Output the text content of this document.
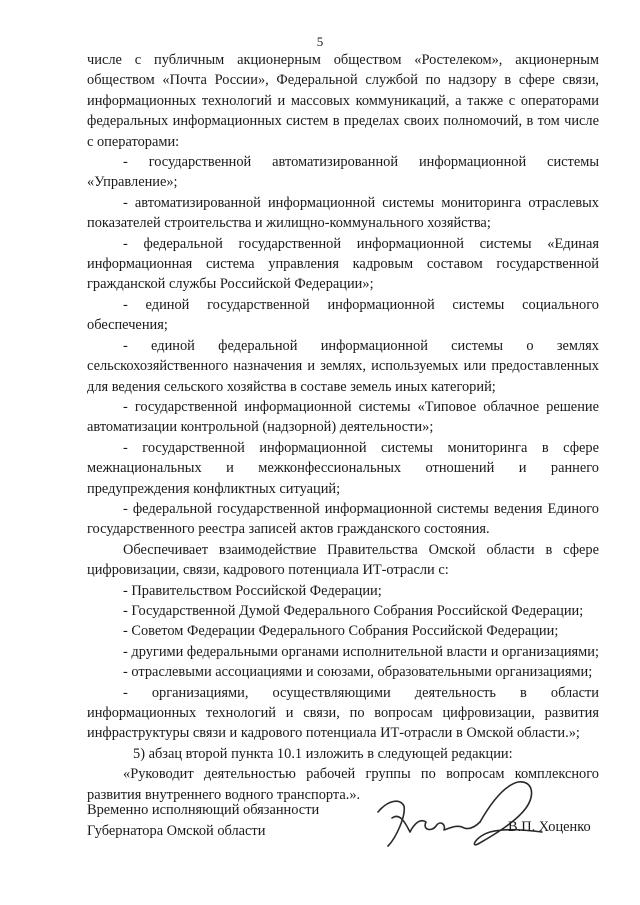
5

числе с публичным акционерным обществом «Ростелеком», акционерным обществом «Почта России», Федеральной службой по надзору в сфере связи, информационных технологий и массовых коммуникаций, а также с операторами федеральных информационных систем в пределах своих полномочий, в том числе с операторами:

- государственной автоматизированной информационной системы «Управление»;

- автоматизированной информационной системы мониторинга отраслевых показателей строительства и жилищно-коммунального хозяйства;

- федеральной государственной информационной системы «Единая информационная система управления кадровым составом государственной гражданской службы Российской Федерации»;

- единой государственной информационной системы социального обеспечения;

- единой федеральной информационной системы о землях сельскохозяйственного назначения и землях, используемых или предоставленных для ведения сельского хозяйства в составе земель иных категорий;

- государственной информационной системы «Типовое облачное решение автоматизации контрольной (надзорной) деятельности»;

- государственной информационной системы мониторинга в сфере межнациональных и межконфессиональных отношений и раннего предупреждения конфликтных ситуаций;

- федеральной государственной информационной системы ведения Единого государственного реестра записей актов гражданского состояния.

Обеспечивает взаимодействие Правительства Омской области в сфере цифровизации, связи, кадрового потенциала ИТ-отрасли с:

- Правительством Российской Федерации;

- Государственной Думой Федерального Собрания Российской Федерации;

- Советом Федерации Федерального Собрания Российской Федерации;

- другими федеральными органами исполнительной власти и организациями;

- отраслевыми ассоциациями и союзами, образовательными организациями;

- организациями, осуществляющими деятельность в области информационных технологий и связи, по вопросам цифровизации, развития инфраструктуры связи и кадрового потенциала ИТ-отрасли в Омской области.»;

5) абзац второй пункта 10.1 изложить в следующей редакции:

«Руководит деятельностью рабочей группы по вопросам комплексного развития внутреннего водного транспорта.».

Временно исполняющий обязанности
Губернатора Омской области	В.П. Хоценко
